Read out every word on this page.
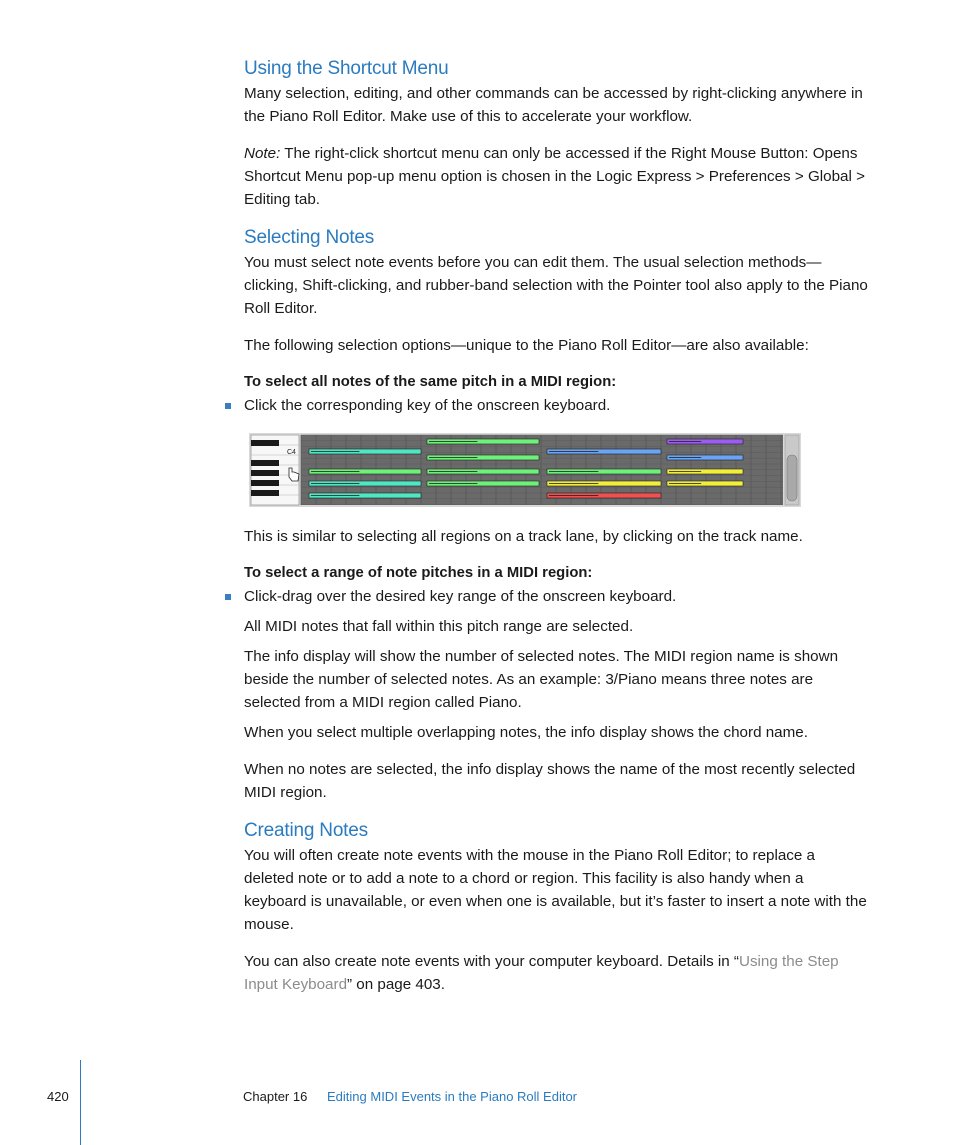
Using the Shortcut Menu

Many selection, editing, and other commands can be accessed by right-clicking anywhere in the Piano Roll Editor. Make use of this to accelerate your workflow.

Note: The right-click shortcut menu can only be accessed if the Right Mouse Button: Opens Shortcut Menu pop-up menu option is chosen in the Logic Express > Preferences > Global > Editing tab.

Selecting Notes

You must select note events before you can edit them. The usual selection methods—clicking, Shift-clicking, and rubber-band selection with the Pointer tool also apply to the Piano Roll Editor.

The following selection options—unique to the Piano Roll Editor—are also available:

To select all notes of the same pitch in a MIDI region:

Click the corresponding key of the onscreen keyboard.

C4

This is similar to selecting all regions on a track lane, by clicking on the track name.

To select a range of note pitches in a MIDI region:

Click-drag over the desired key range of the onscreen keyboard.

All MIDI notes that fall within this pitch range are selected.

The info display will show the number of selected notes. The MIDI region name is shown beside the number of selected notes. As an example: 3/Piano means three notes are selected from a MIDI region called Piano.

When you select multiple overlapping notes, the info display shows the chord name.

When no notes are selected, the info display shows the name of the most recently selected MIDI region.

Creating Notes

You will often create note events with the mouse in the Piano Roll Editor; to replace a deleted note or to add a note to a chord or region. This facility is also handy when a keyboard is unavailable, or even when one is available, but it’s faster to insert a note with the mouse.

You can also create note events with your computer keyboard. Details in “Using the Step Input Keyboard” on page 403.

420	Chapter 16 Editing MIDI Events in the Piano Roll Editor
